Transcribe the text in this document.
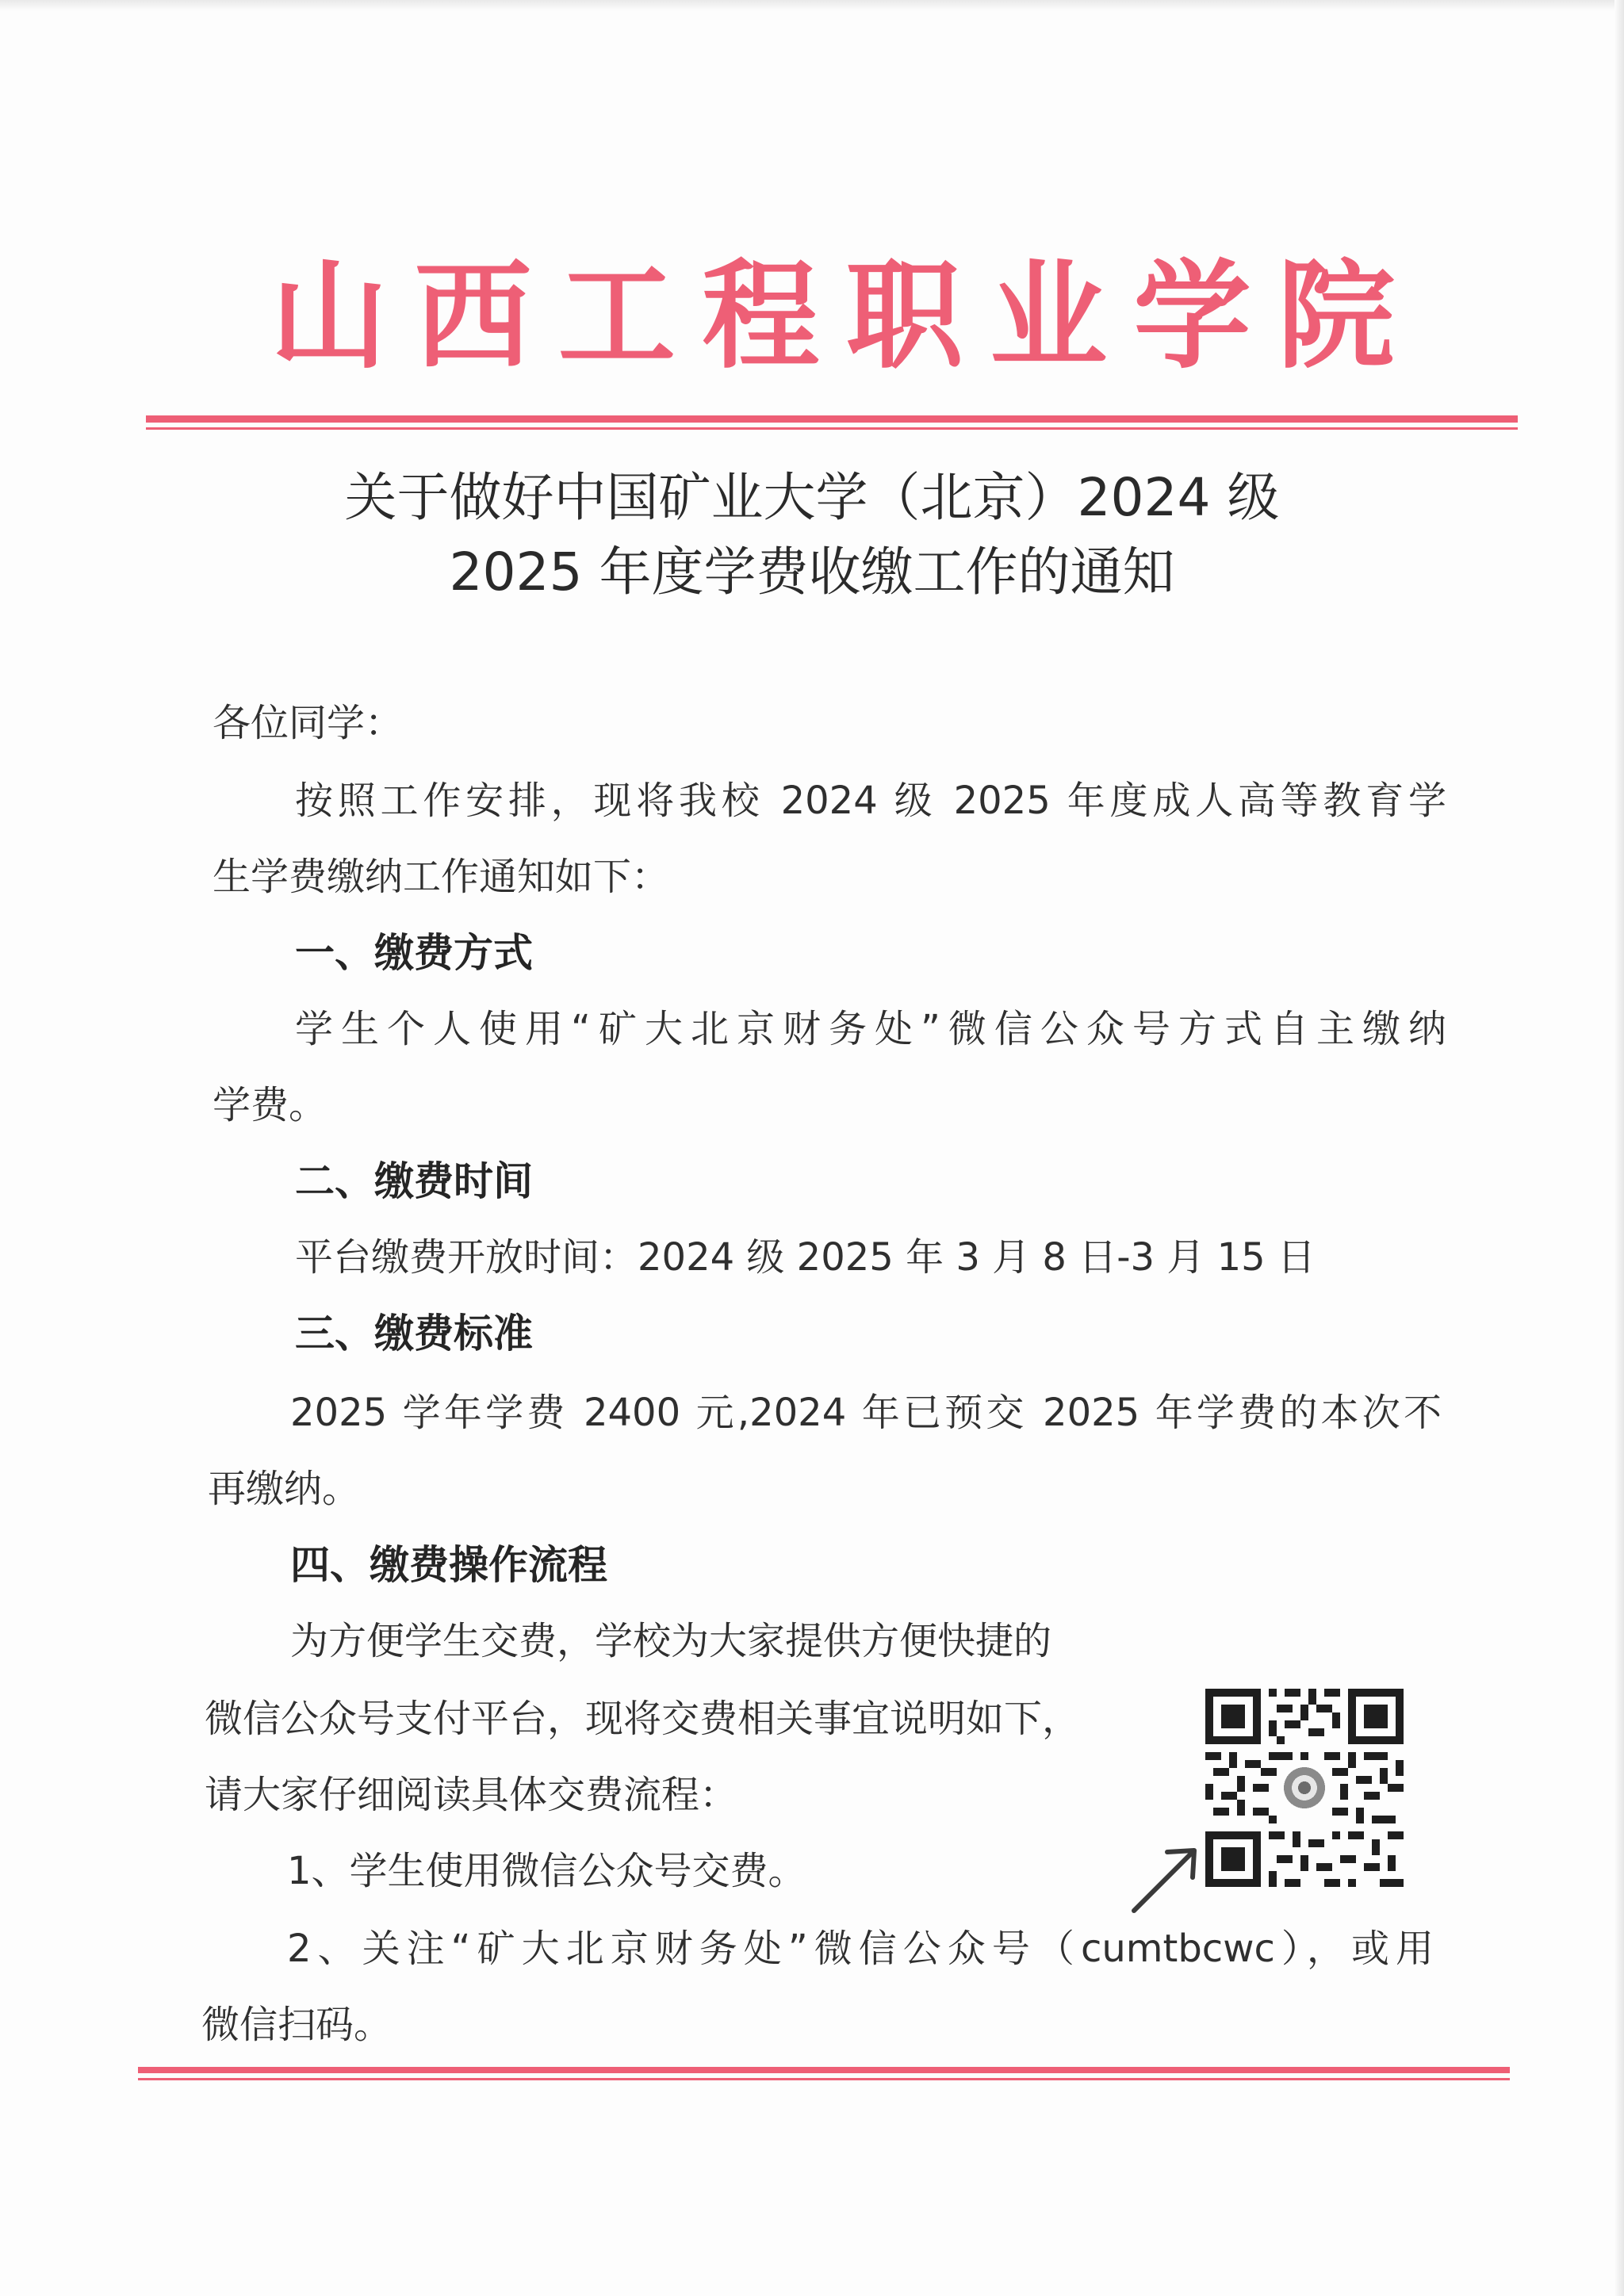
山 西 工 程 职 业 学 院
关于做好中国矿业大学（北京）2024 级
2025 年度学费收缴工作的通知
各位同学：
按照工作安排，现将我校 2024 级 2025 年度成人高等教育学
生学费缴纳工作通知如下：
一、缴费方式
学生个人使用“矿大北京财务处”微信公众号方式自主缴纳
学费。
二、缴费时间
平台缴费开放时间：2024 级 2025 年 3 月 8 日-3 月 15 日
三、缴费标准
2025 学年学费 2400 元,2024 年已预交 2025 年学费的本次不
再缴纳。
四、缴费操作流程
为方便学生交费，学校为大家提供方便快捷的
微信公众号支付平台，现将交费相关事宜说明如下，
请大家仔细阅读具体交费流程：
1、学生使用微信公众号交费。
2、关注“矿大北京财务处”微信公众号（cumtbcwc），或用
微信扫码。
